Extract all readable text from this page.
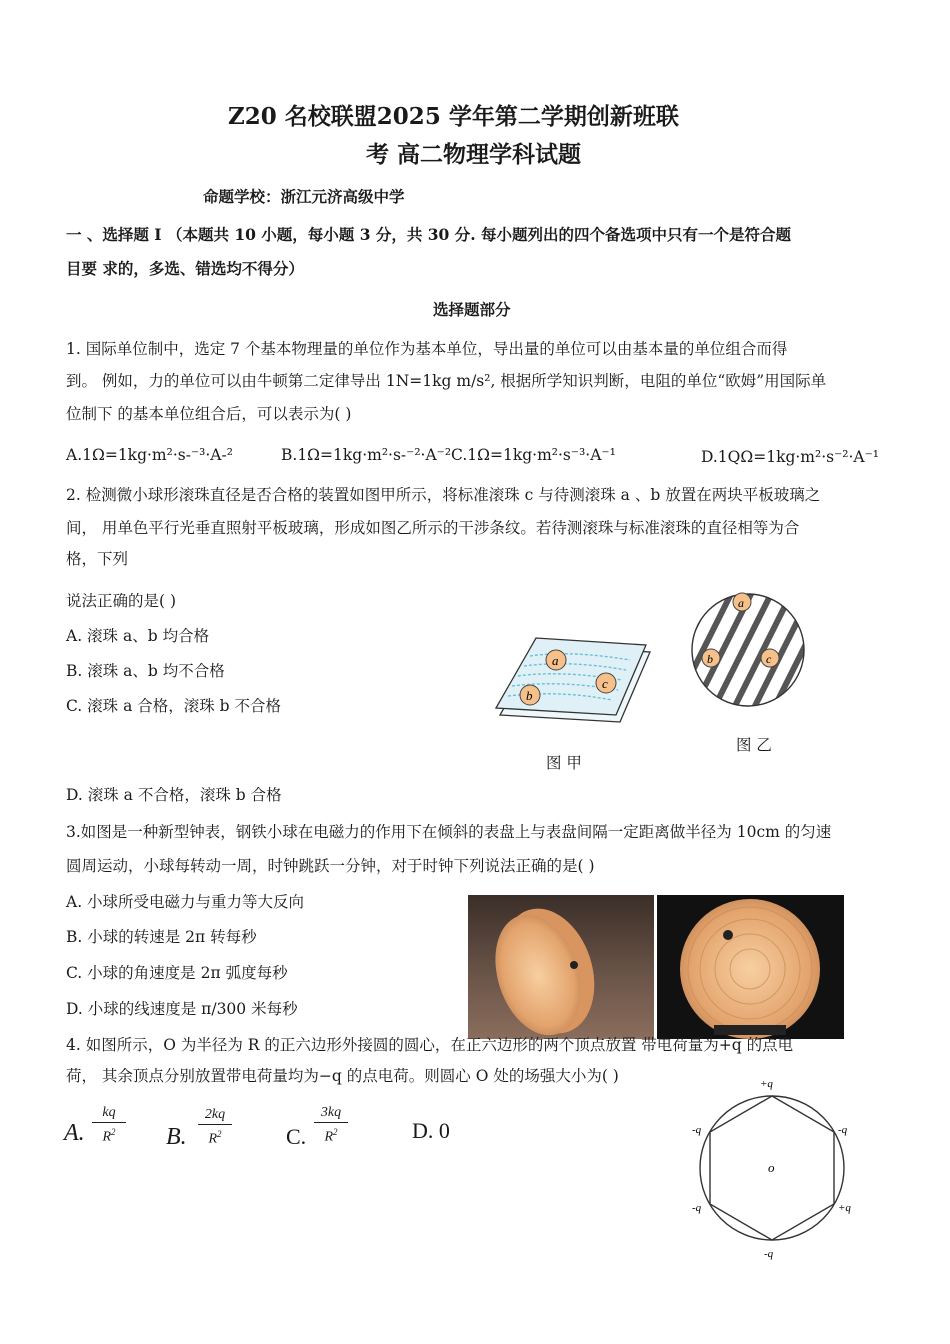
Z20 名校联盟2025 学年第二学期创新班联
考 高二物理学科试题
命题学校：浙江元济高级中学
一 、选择题 I （本题共 10 小题，每小题 3 分，共 30 分. 每小题列出的四个备选项中只有一个是符合题
目要 求的，多选、错选均不得分）
选择题部分
1. 国际单位制中，选定 7 个基本物理量的单位作为基本单位，导出量的单位可以由基本量的单位组合而得
到。 例如，力的单位可以由牛顿第二定律导出 1N=1kg m/s², 根据所学知识判断，电阻的单位“欧姆”用国际单
位制下 的基本单位组合后，可以表示为( )
A.1Ω=1kg·m²·s-⁻³·A-²	B.1Ω=1kg·m²·s-⁻²·A⁻²C.1Ω=1kg·m²·s⁻³·A⁻¹	D.1QΩ=1kg·m²·s⁻²·A⁻¹
2. 检测微小球形滚珠直径是否合格的装置如图甲所示，将标准滚珠 c 与待测滚珠 a 、b 放置在两块平板玻璃之
间， 用单色平行光垂直照射平板玻璃，形成如图乙所示的干涉条纹。若待测滚珠与标准滚珠的直径相等为合
格，下列
说法正确的是( )
A. 滚珠 a、b 均合格
B. 滚珠 a、b 均不合格
C. 滚珠 a 合格，滚珠 b 不合格
D. 滚珠 a 不合格，滚珠 b 合格
a
c
b
图 甲
a
b	c
图 乙
3.如图是一种新型钟表，钢铁小球在电磁力的作用下在倾斜的表盘上与表盘间隔一定距离做半径为 10cm 的匀速
圆周运动，小球每转动一周，时钟跳跃一分钟，对于时钟下列说法正确的是( )
A. 小球所受电磁力与重力等大反向
B. 小球的转速是 2π 转每秒
C. 小球的角速度是 2π 弧度每秒
D. 小球的线速度是 π/300 米每秒
4. 如图所示，O 为半径为 R 的正六边形外接圆的圆心，在正六边形的两个顶点放置 带电荷量为+q 的点电
荷， 其余顶点分别放置带电荷量均为−q 的点电荷。则圆心 O 处的场强大小为( )
A. $\frac{kq}{R^2} B$. $\frac{2kq}{R^2} C$. $\frac{3kq}{R^2}$	D. 0
o
+q
-q
+q
-q
-q
-q
